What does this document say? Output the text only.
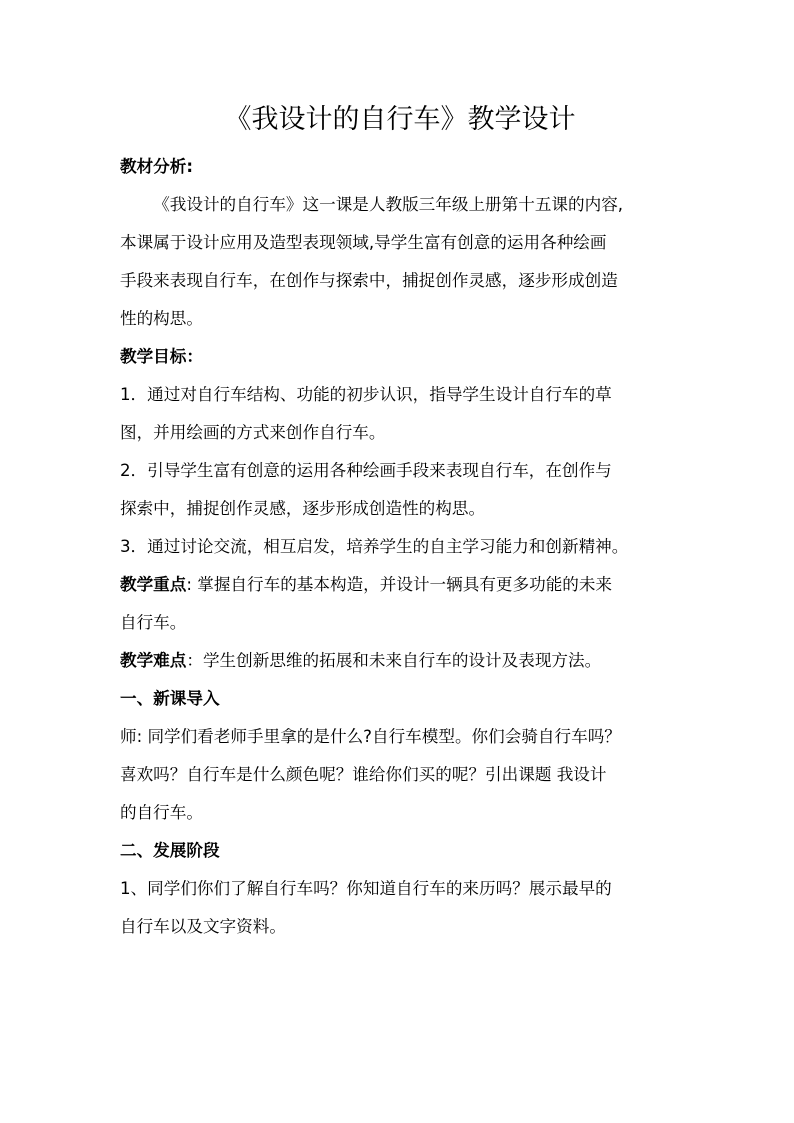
《我设计的自行车》教学设计
教材分析:
《我设计的自行车》这一课是人教版三年级上册第十五课的内容,
本课属于设计应用及造型表现领域,导学生富有创意的运用各种绘画
手段来表现自行车，在创作与探索中，捕捉创作灵感，逐步形成创造
性的构思。
教学目标：
1．通过对自行车结构、功能的初步认识，指导学生设计自行车的草
图，并用绘画的方式来创作自行车。
2．引导学生富有创意的运用各种绘画手段来表现自行车，在创作与
探索中，捕捉创作灵感，逐步形成创造性的构思。
3．通过讨论交流，相互启发，培养学生的自主学习能力和创新精神。
教学重点: 掌握自行车的基本构造，并设计一辆具有更多功能的未来
自行车。
教学难点：学生创新思维的拓展和未来自行车的设计及表现方法。
一、新课导入
师: 同学们看老师手里拿的是什么?自行车模型。你们会骑自行车吗？
喜欢吗？自行车是什么颜色呢？谁给你们买的呢？引出课题 我设计
的自行车。
二、发展阶段
1、同学们你们了解自行车吗？你知道自行车的来历吗？展示最早的
自行车以及文字资料。
